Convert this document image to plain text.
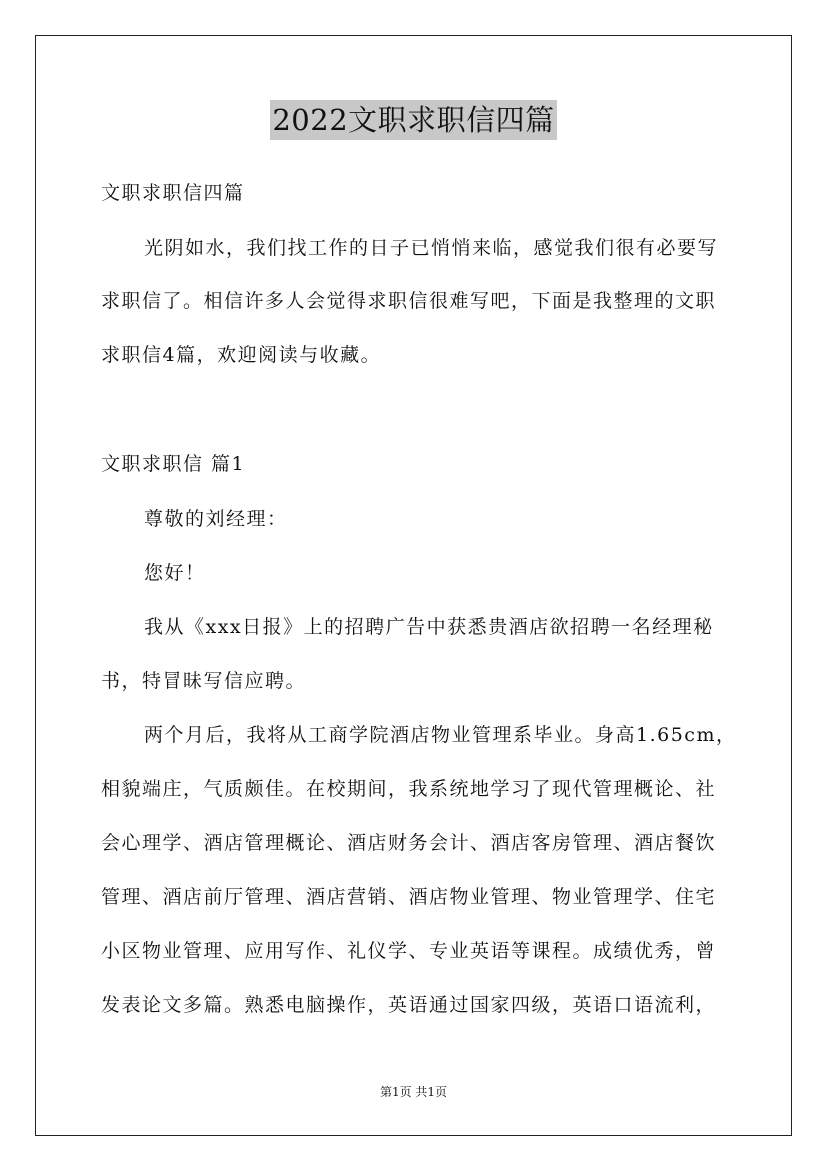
2022文职求职信四篇
文职求职信四篇
光阴如水，我们找工作的日子已悄悄来临，感觉我们很有必要写
求职信了。相信许多人会觉得求职信很难写吧，下面是我整理的文职
求职信4篇，欢迎阅读与收藏。
文职求职信 篇1
尊敬的刘经理：
您好！
我从《xxx日报》上的招聘广告中获悉贵酒店欲招聘一名经理秘
书，特冒昧写信应聘。
两个月后，我将从工商学院酒店物业管理系毕业。身高1.65cm，
相貌端庄，气质颇佳。在校期间，我系统地学习了现代管理概论、社
会心理学、酒店管理概论、酒店财务会计、酒店客房管理、酒店餐饮
管理、酒店前厅管理、酒店营销、酒店物业管理、物业管理学、住宅
小区物业管理、应用写作、礼仪学、专业英语等课程。成绩优秀，曾
发表论文多篇。熟悉电脑操作，英语通过国家四级，英语口语流利，
第1页 共1页
